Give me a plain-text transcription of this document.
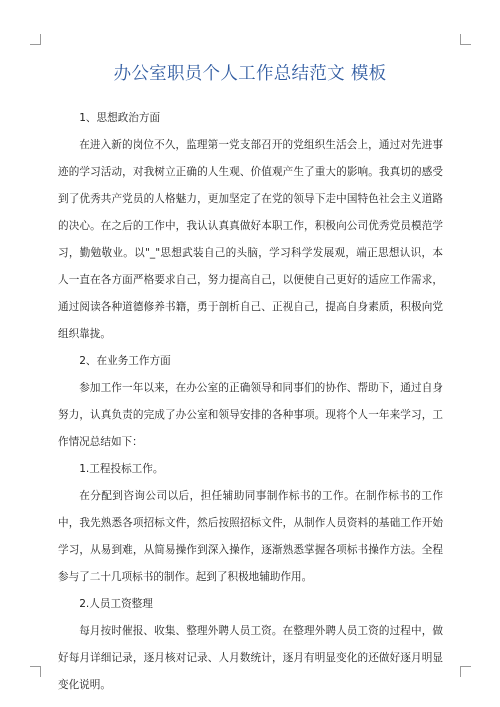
办公室职员个人工作总结范文 模板

1、思想政治方面

在进入新的岗位不久，监理第一党支部召开的党组织生活会上，通过对先进事迹的学习活动，对我树立正确的人生观、价值观产生了重大的影响。我真切的感受到了优秀共产党员的人格魅力，更加坚定了在党的领导下走中国特色社会主义道路的决心。在之后的工作中，我认认真真做好本职工作，积极向公司优秀党员模范学习，勤勉敬业。以"_"思想武装自己的头脑，学习科学发展观，端正思想认识，本人一直在各方面严格要求自己，努力提高自己，以便使自己更好的适应工作需求，通过阅读各种道德修养书籍，勇于剖析自己、正视自己，提高自身素质，积极向党组织靠拢。

2、在业务工作方面

参加工作一年以来，在办公室的正确领导和同事们的协作、帮助下，通过自身努力，认真负责的完成了办公室和领导安排的各种事项。现将个人一年来学习，工作情况总结如下：

1.工程投标工作。

在分配到咨询公司以后，担任辅助同事制作标书的工作。在制作标书的工作中，我先熟悉各项招标文件，然后按照招标文件，从制作人员资料的基础工作开始学习，从易到难，从简易操作到深入操作，逐渐熟悉掌握各项标书操作方法。全程参与了二十几项标书的制作。起到了积极地辅助作用。

2.人员工资整理

每月按时催报、收集、整理外聘人员工资。在整理外聘人员工资的过程中，做好每月详细记录，逐月核对记录、人月数统计，逐月有明显变化的还做好逐月明显变化说明。
